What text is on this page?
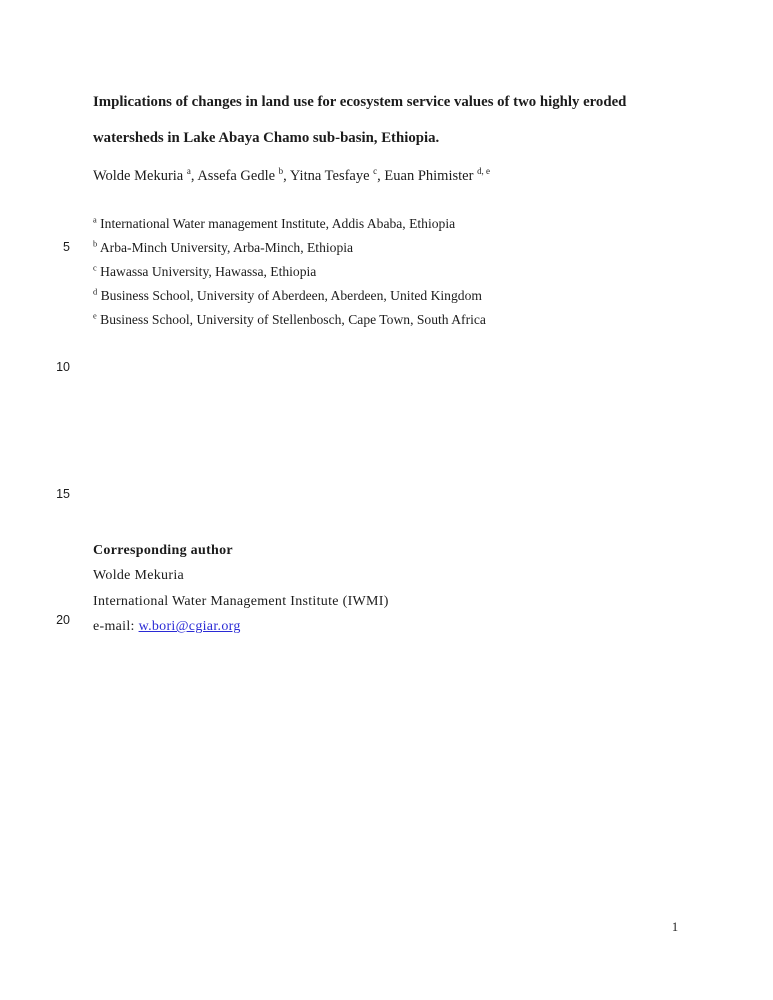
Implications of changes in land use for ecosystem service values of two highly eroded
watersheds in Lake Abaya Chamo sub-basin, Ethiopia.
Wolde Mekuria $^a$, Assefa Gedle $^b$, Yitna Tesfaye $^c$, Euan Phimister $^{d, e}$
$^a$ International Water management Institute, Addis Ababa, Ethiopia
$^b$ Arba-Minch University, Arba-Minch, Ethiopia
$^c$ Hawassa University, Hawassa, Ethiopia
$^d$ Business School, University of Aberdeen, Aberdeen, United Kingdom
$^e$ Business School, University of Stellenbosch, Cape Town, South Africa
5
10
15
20
Corresponding author
Wolde Mekuria
International Water Management Institute (IWMI)
e-mail: w.bori@cgiar.org
1
